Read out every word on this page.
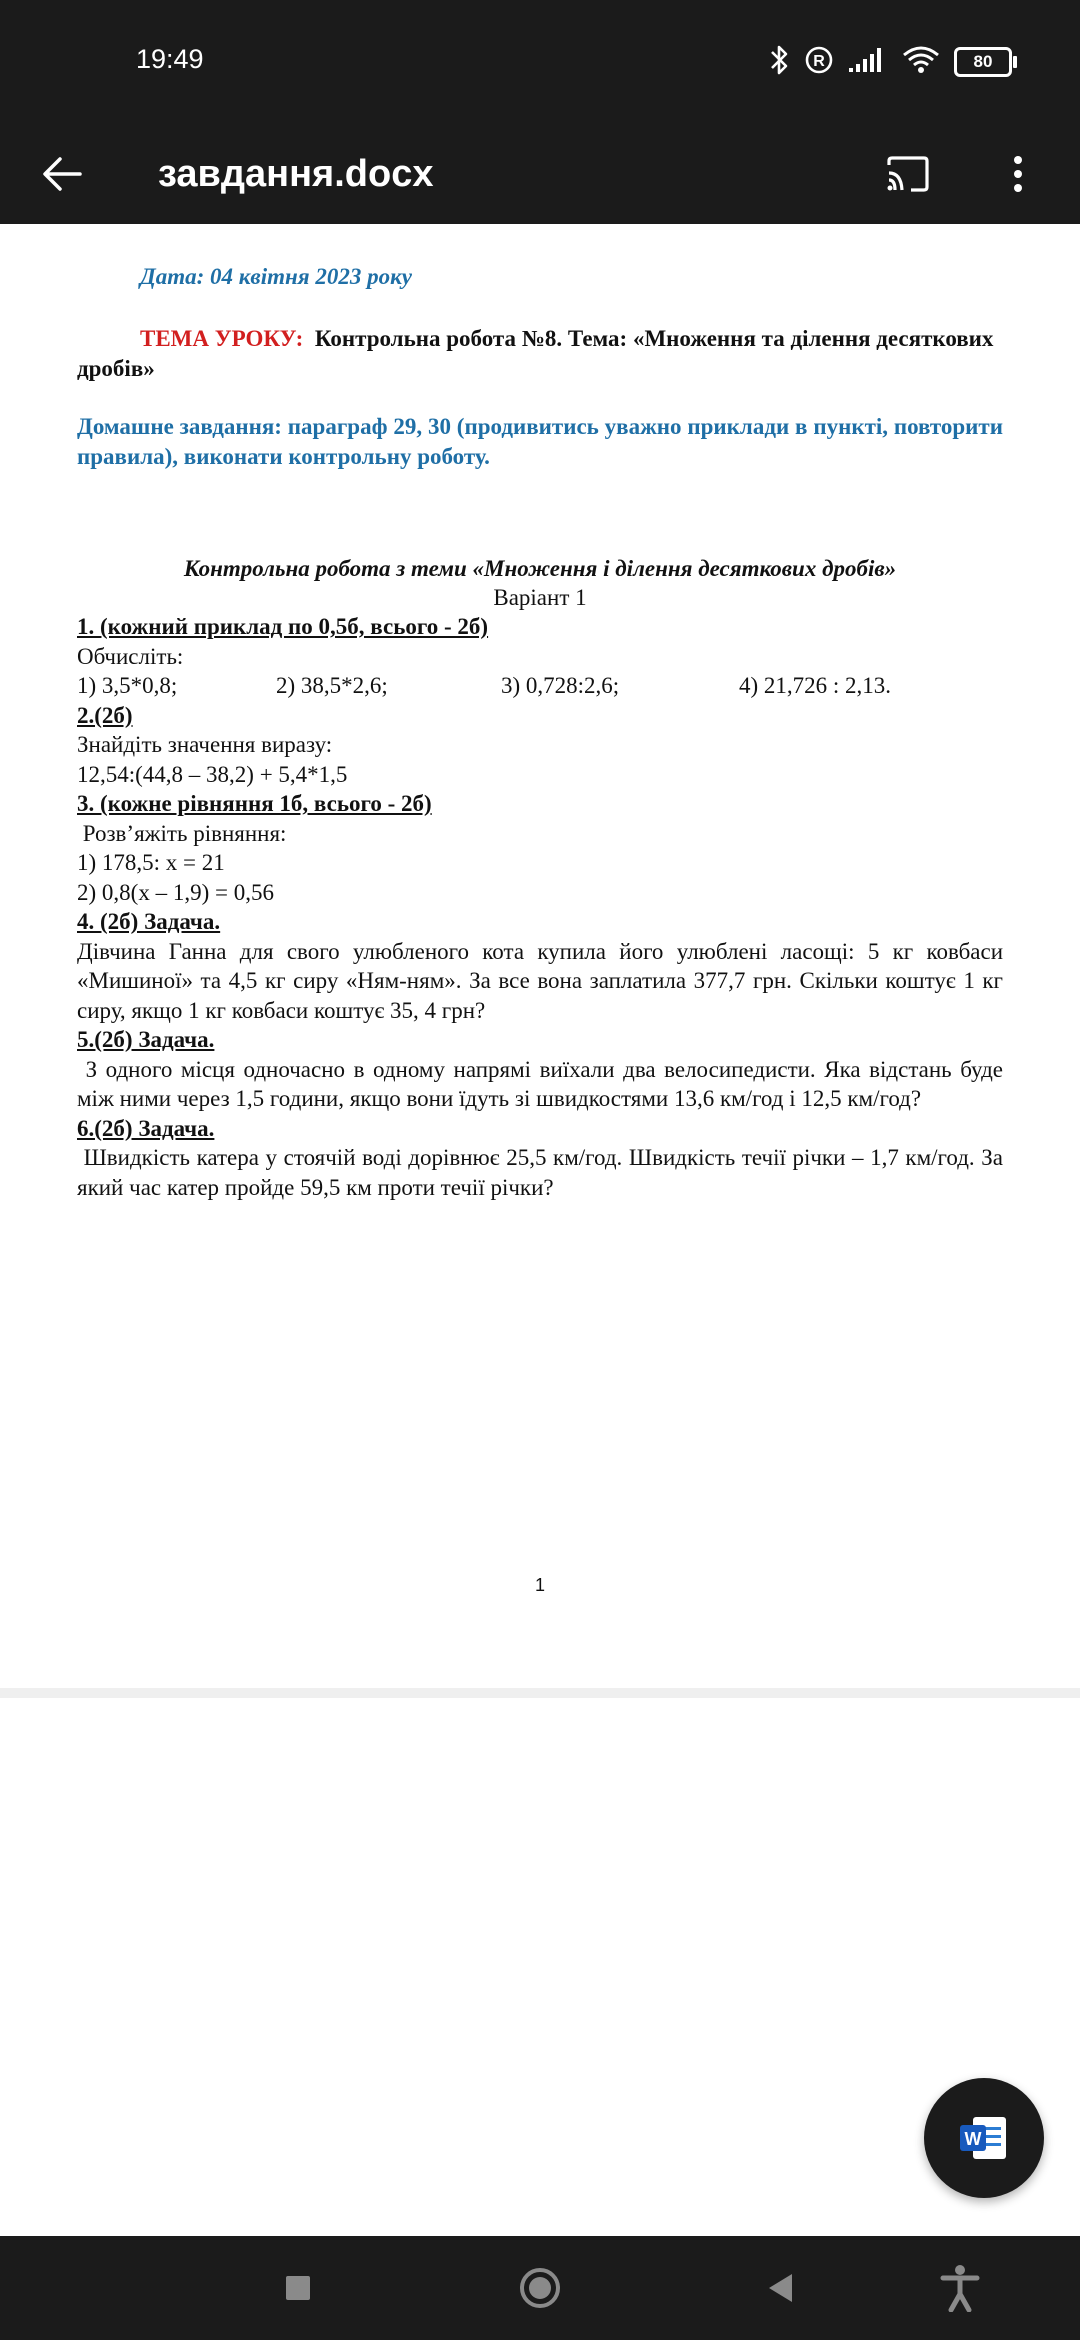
19:49	R	80
завдання.docx

Дата: 04 квітня 2023 року

ТЕМА УРОКУ: Контрольна робота №8. Тема: «Множення та ділення десяткових дробів»

Домашне завдання: параграф 29, 30 (продивитись уважно приклади в пункті, повторити правила), виконати контрольну роботу.

Контрольна робота з теми «Множення і ділення десяткових дробів»

Варіант 1

1. (кожний приклад по 0,5б, всього - 2б)

Обчисліть:

1) 3,5*0,8;	2) 38,5*2,6;	3) 0,728:2,6;	4) 21,726 : 2,13.

2.(2б)

Знайдіть значення виразу:

12,54:(44,8 – 38,2) + 5,4*1,5

3. (кожне рівняння 1б, всього - 2б)

Розв’яжіть рівняння:

1) 178,5: x = 21

2) 0,8(x – 1,9) = 0,56

4. (2б) Задача.

Дівчина Ганна для свого улюбленого кота купила його улюблені ласощі: 5 кг ковбаси «Мишиної» та 4,5 кг сиру «Ням-ням». За все вона заплатила 377,7 грн. Скільки коштує 1 кг сиру, якщо 1 кг ковбаси коштує 35, 4 грн?

5.(2б) Задача.

З одного місця одночасно в одному напрямі виїхали два велосипедисти. Яка відстань буде між ними через 1,5 години, якщо вони їдуть зі швидкостями 13,6 км/год і 12,5 км/год?

6.(2б) Задача.

Швидкість катера у стоячій воді дорівнює 25,5 км/год. Швидкість течії річки – 1,7 км/год. За який час катер пройде 59,5 км проти течії річки?

1
W
